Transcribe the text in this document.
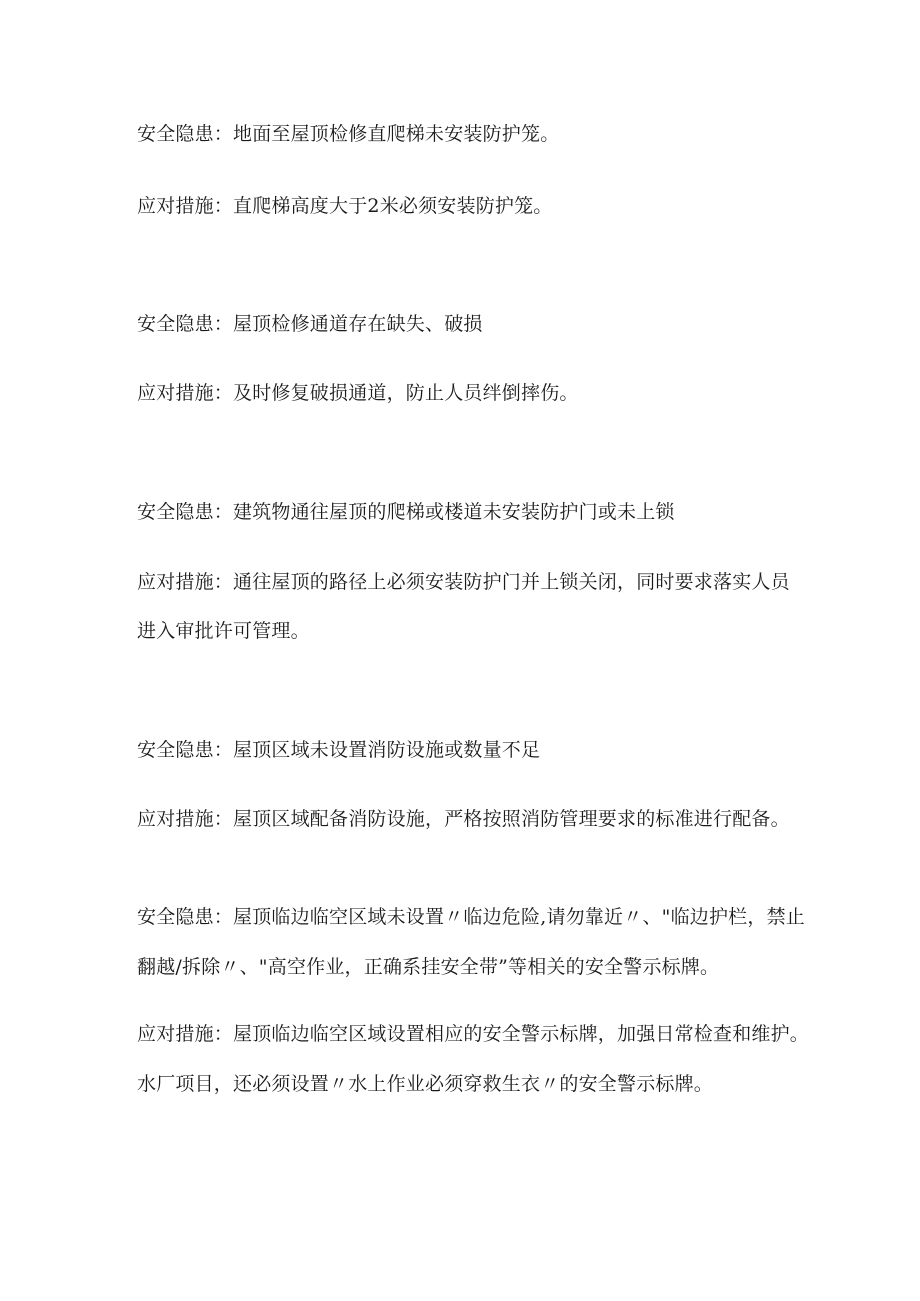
安全隐患：地面至屋顶检修直爬梯未安装防护笼。

应对措施：直爬梯高度大于2米必须安装防护笼。

安全隐患：屋顶检修通道存在缺失、破损

应对措施：及时修复破损通道，防止人员绊倒摔伤。

安全隐患：建筑物通往屋顶的爬梯或楼道未安装防护门或未上锁

应对措施：通往屋顶的路径上必须安装防护门并上锁关闭，同时要求落实人员

进入审批许可管理。

安全隐患：屋顶区域未设置消防设施或数量不足

应对措施：屋顶区域配备消防设施，严格按照消防管理要求的标准进行配备。

安全隐患：屋顶临边临空区域未设置〃临边危险,请勿靠近〃、"临边护栏，禁止

翻越/拆除〃、"高空作业，正确系挂安全带”等相关的安全警示标牌。

应对措施：屋顶临边临空区域设置相应的安全警示标牌，加强日常检查和维护。

水厂项目，还必须设置〃水上作业必须穿救生衣〃的安全警示标牌。
